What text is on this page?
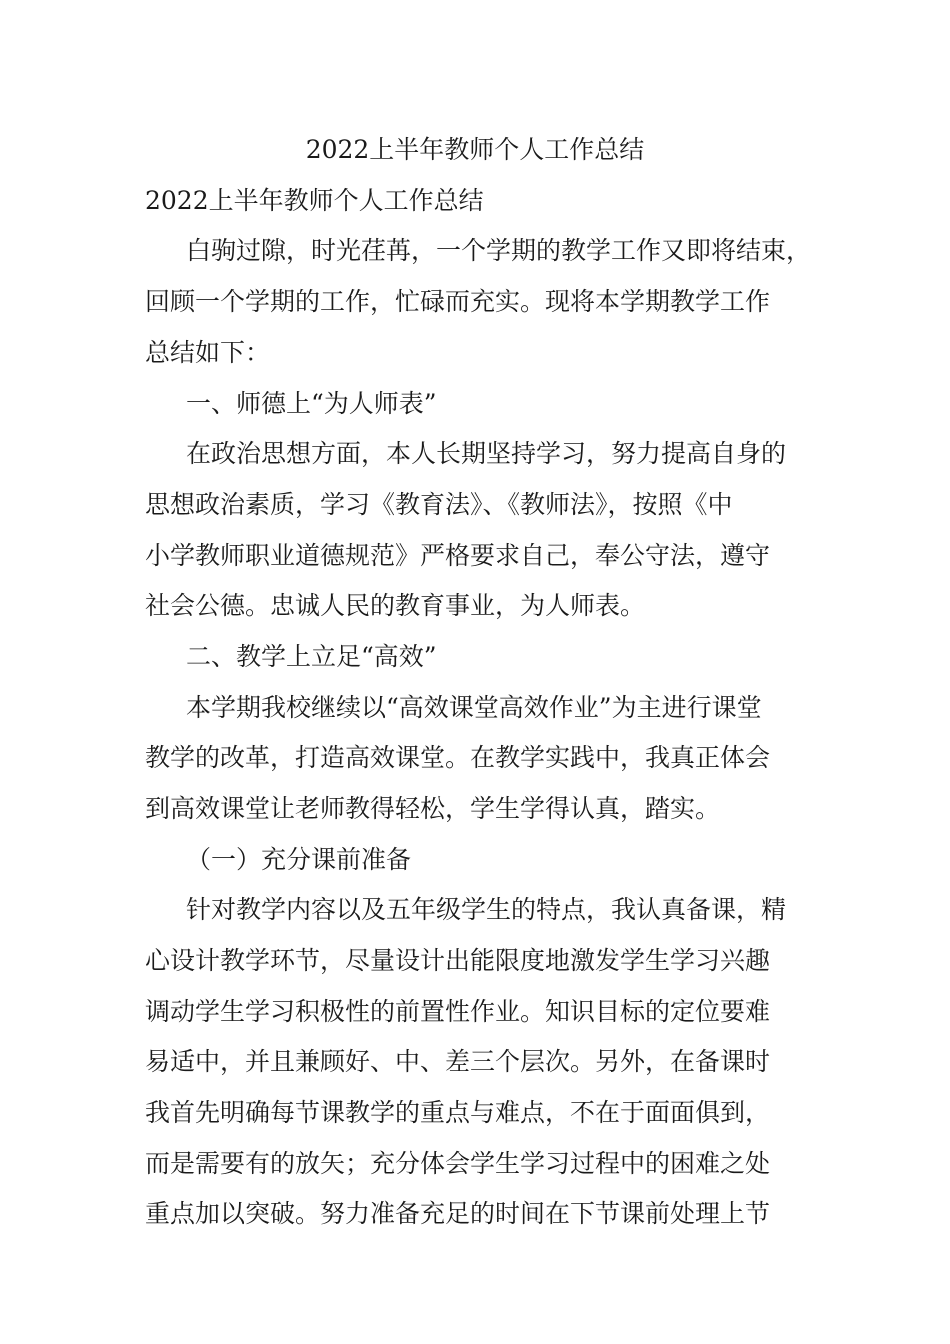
2022上半年教师个人工作总结
2022上半年教师个人工作总结
白驹过隙，时光荏苒，一个学期的教学工作又即将结束，
回顾一个学期的工作，忙碌而充实。现将本学期教学工作
总结如下：
一、师德上“为人师表”
在政治思想方面，本人长期坚持学习，努力提高自身的
思想政治素质，学习《教育法》、《教师法》，按照《中
小学教师职业道德规范》严格要求自己，奉公守法，遵守
社会公德。忠诚人民的教育事业，为人师表。
二、教学上立足“高效”
本学期我校继续以“高效课堂高效作业”为主进行课堂
教学的改革，打造高效课堂。在教学实践中，我真正体会
到高效课堂让老师教得轻松，学生学得认真，踏实。
（一）充分课前准备
针对教学内容以及五年级学生的特点，我认真备课，精
心设计教学环节，尽量设计出能限度地激发学生学习兴趣
调动学生学习积极性的前置性作业。知识目标的定位要难
易适中，并且兼顾好、中、差三个层次。另外，在备课时
我首先明确每节课教学的重点与难点，不在于面面俱到，
而是需要有的放矢；充分体会学生学习过程中的困难之处
重点加以突破。努力准备充足的时间在下节课前处理上节
